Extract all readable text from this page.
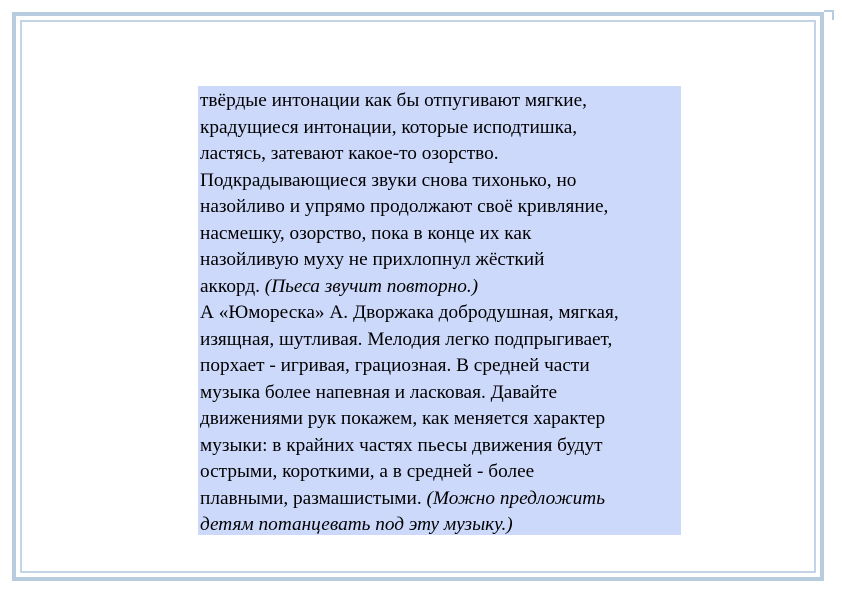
твёрдые интонации как бы отпугивают мягкие,
крадущиеся интонации, которые исподтишка,
ластясь, затевают какое-то озорство.
Подкрадывающиеся звуки снова тихонько, но
назойливо и упрямо продолжают своё кривляние,
насмешку, озорство, пока в конце их как
назойливую муху не прихлопнул жёсткий
аккорд. (Пьеса звучит повторно.)
А «Юмореска» А. Дворжака добродушная, мягкая,
изящная, шутливая. Мелодия легко подпрыгивает,
порхает - игривая, грациозная. В средней части
музыка более напевная и ласковая. Давайте
движениями рук покажем, как меняется характер
музыки: в крайних частях пьесы движения будут
острыми, короткими, а в средней - более
плавными, размашистыми. (Можно предложить
детям потанцевать под эту музыку.)
